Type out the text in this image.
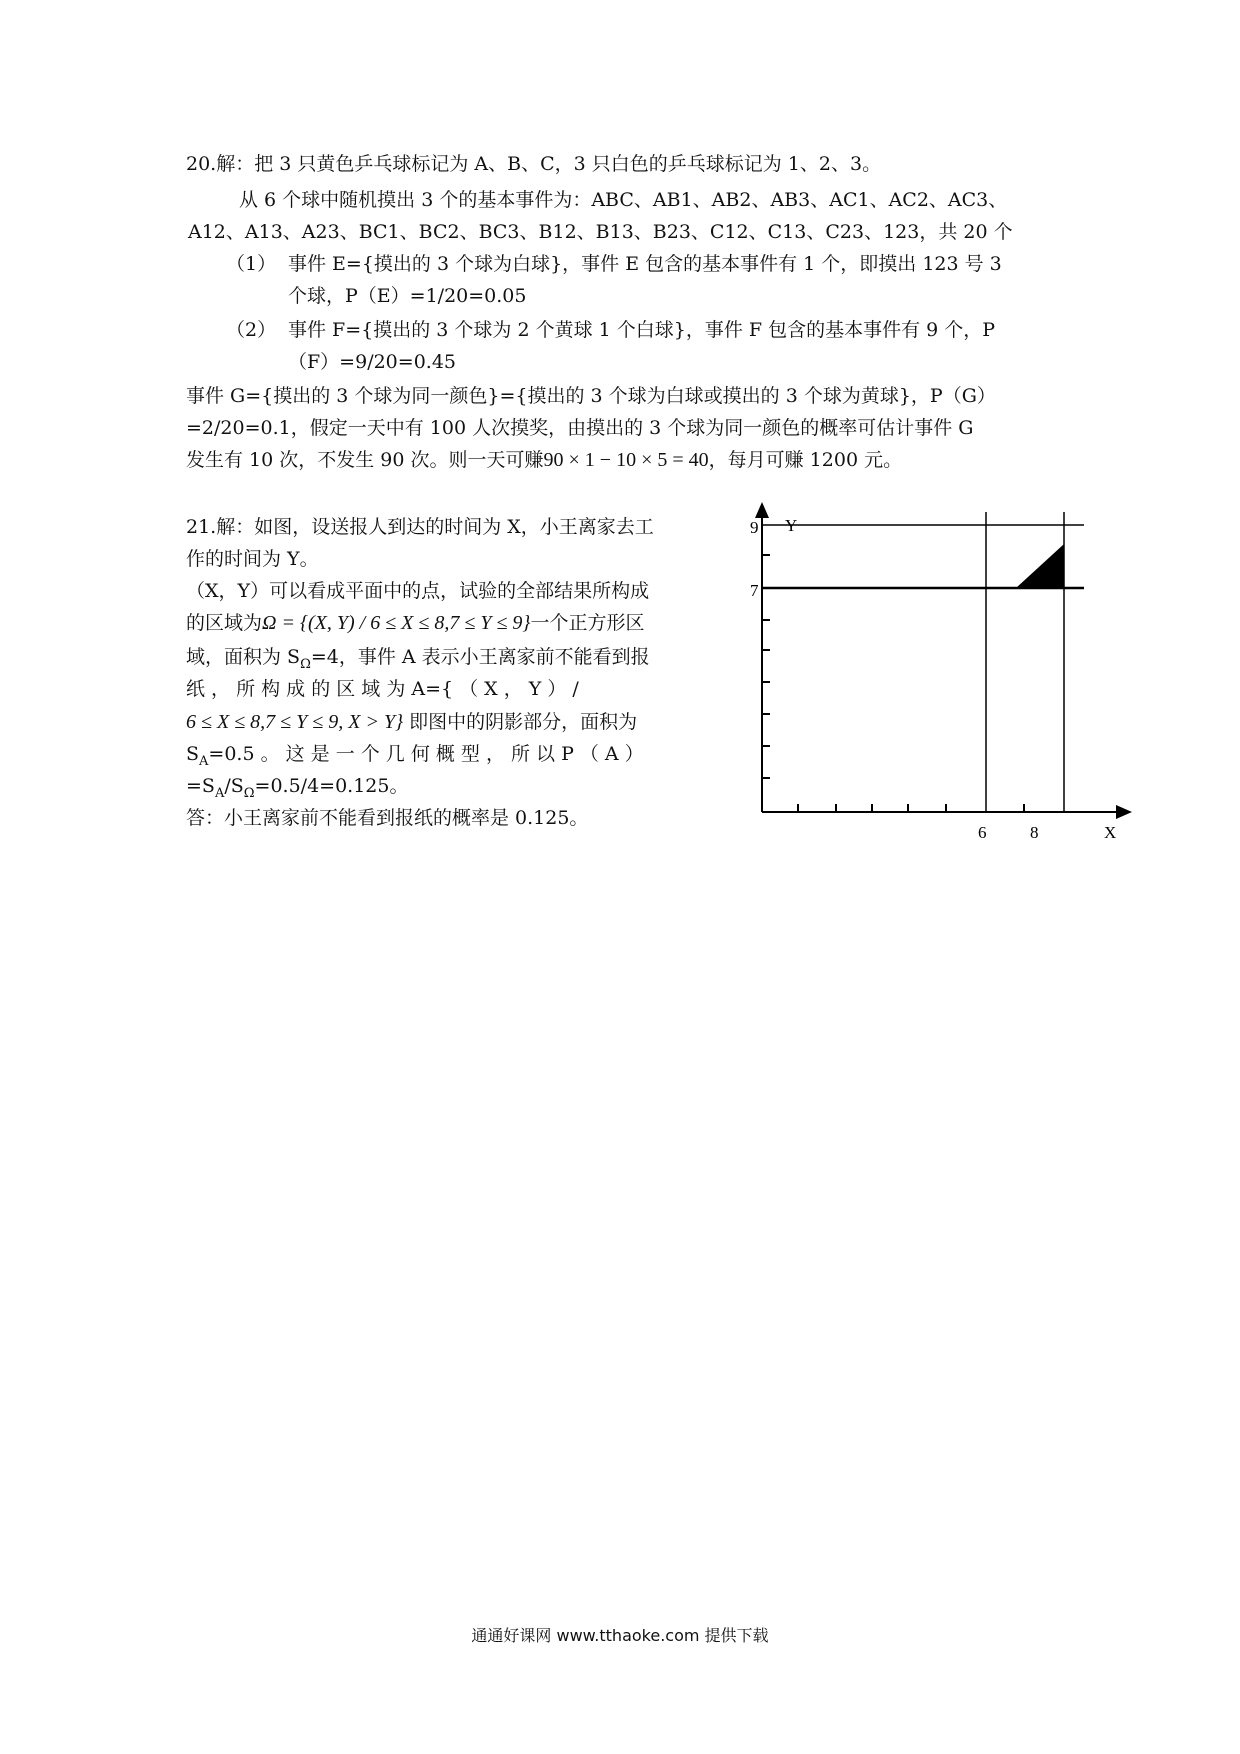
20.解：把 3 只黄色乒乓球标记为 A、B、C，3 只白色的乒乓球标记为 1、2、3。
从 6 个球中随机摸出 3 个的基本事件为：ABC、AB1、AB2、AB3、AC1、AC2、AC3、
A12、A13、A23、BC1、BC2、BC3、B12、B13、B23、C12、C13、C23、123，共 20 个
（1） 事件 E={摸出的 3 个球为白球}，事件 E 包含的基本事件有 1 个，即摸出 123 号 3
个球，P（E）=1/20=0.05
（2） 事件 F={摸出的 3 个球为 2 个黄球 1 个白球}，事件 F 包含的基本事件有 9 个，P
（F）=9/20=0.45
事件 G={摸出的 3 个球为同一颜色}={摸出的 3 个球为白球或摸出的 3 个球为黄球}，P（G）
=2/20=0.1，假定一天中有 100 人次摸奖，由摸出的 3 个球为同一颜色的概率可估计事件 G
发生有 10 次，不发生 90 次。则一天可赚90 × 1 − 10 × 5 = 40，每月可赚 1200 元。
21.解：如图，设送报人到达的时间为 X，小王离家去工
作的时间为 Y。
（X，Y）可以看成平面中的点，试验的全部结果所构成
的区域为Ω = {(X, Y) / 6 ≤ X ≤ 8,7 ≤ Y ≤ 9}一个正方形区
域，面积为 $S_\Omega=4$，事件 A 表示小王离家前不能看到报
纸 ， 所 构 成 的 区 域 为 A={ （ X ， Y ） /
6 ≤ X ≤ 8,7 ≤ Y ≤ 9, X > Y} 即图中的阴影部分，面积为
$S_A=0.5$ 。 这 是 一 个 几 何 概 型 ， 所 以 P （ A ）
$=S_A/S_\Omega=0.5/4=0.125$。
答：小王离家前不能看到报纸的概率是 0.125。
9 Y
7
6	8	X
通通好课网 www.tthaoke.com 提供下载
